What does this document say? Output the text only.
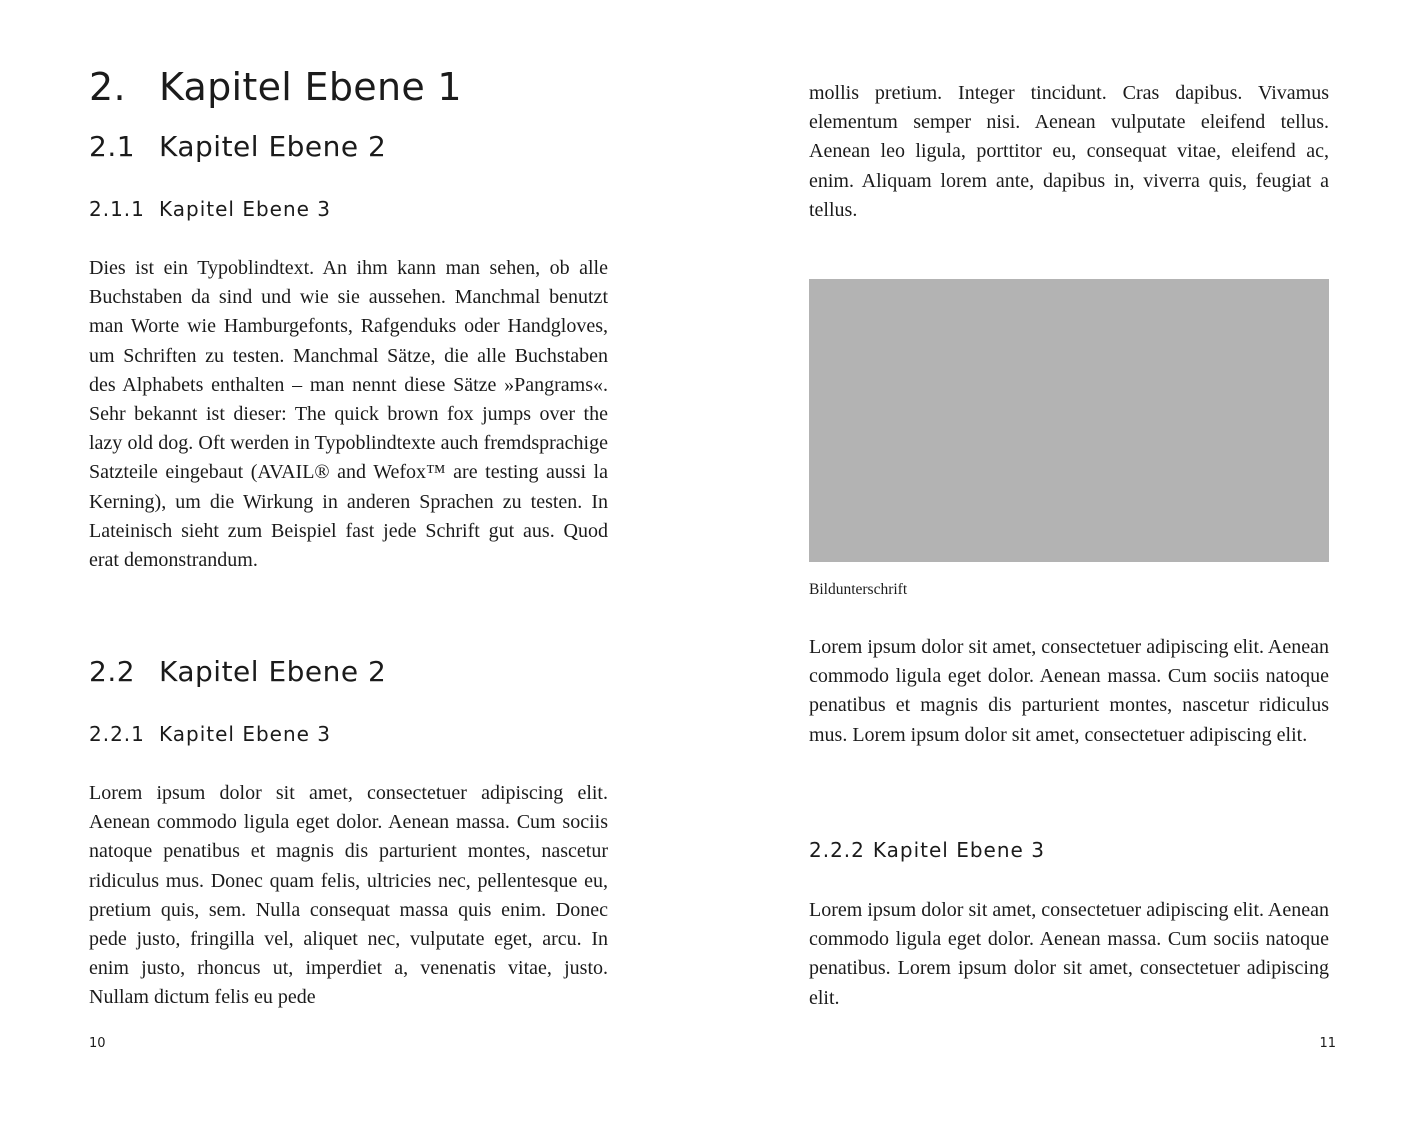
2. Kapitel Ebene 1
2.1 Kapitel Ebene 2
2.1.1 Kapitel Ebene 3

Dies ist ein Typoblindtext. An ihm kann man sehen, ob alle Buchstaben da sind und wie sie aussehen. Manchmal benutzt man Worte wie Hamburgefonts, Rafgenduks oder Handgloves, um Schriften zu testen. Manchmal Sätze, die alle Buchstaben des Alphabets enthalten – man nennt diese Sätze »Pangrams«. Sehr bekannt ist dieser: The quick brown fox jumps over the lazy old dog. Oft werden in Typoblindtexte auch fremdsprachige Satzteile eingebaut (AVAIL® and Wefox™ are testing aussi la Kerning), um die Wirkung in anderen Sprachen zu testen. In Lateinisch sieht zum Beispiel fast jede Schrift gut aus. Quod erat demonstrandum.

2.2 Kapitel Ebene 2
2.2.1 Kapitel Ebene 3

Lorem ipsum dolor sit amet, consectetuer adipiscing elit. Aenean commodo ligula eget dolor. Aenean massa. Cum sociis natoque penatibus et magnis dis parturient montes, nascetur ridiculus mus. Donec quam felis, ultricies nec, pellentesque eu, pretium quis, sem. Nulla consequat massa quis enim. Donec pede justo, fringilla vel, aliquet nec, vulputate eget, arcu. In enim justo, rhoncus ut, imperdiet a, venenatis vitae, justo. Nullam dictum felis eu pede

10

mollis pretium. Integer tincidunt. Cras dapibus. Vivamus elementum semper nisi. Aenean vulputate eleifend tellus. Aenean leo ligula, porttitor eu, consequat vitae, eleifend ac, enim. Aliquam lorem ante, dapibus in, viverra quis, feugiat a tellus.

Bildunterschrift

Lorem ipsum dolor sit amet, consectetuer adipiscing elit. Aenean commodo ligula eget dolor. Aenean massa. Cum sociis natoque penatibus et magnis dis parturient montes, nascetur ridiculus mus. Lorem ipsum dolor sit amet, consectetuer adipiscing elit.

2.2.2 Kapitel Ebene 3

Lorem ipsum dolor sit amet, consectetuer adipiscing elit. Aenean commodo ligula eget dolor. Aenean massa. Cum sociis natoque penatibus. Lorem ipsum dolor sit amet, consectetuer adipiscing elit.

11
